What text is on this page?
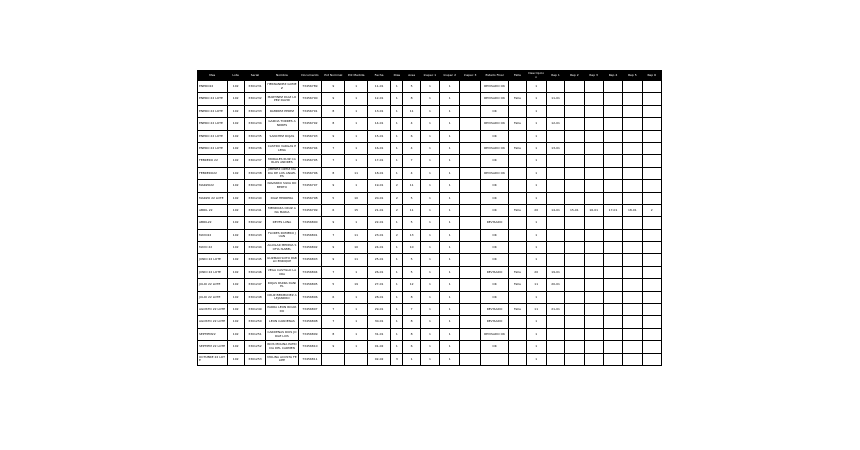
Mes	Lote	Serial	Nombre	Documento	Pot Nominal	Pot Medida	Fecha	Dias	Area	Inspec 1	Inspec 2	Inspec 3	Estado Final	Falla	Descripcion	Rep 1	Rep 2	Rep 3	Rep 4	Rep 5	Rep 6
ENERO22	102	3301231	HERNANDEZ GOMEZ	73456789	9	1	11-01	1	5	1	1		REVISADO OK		1						
ENERO 22 LOTE	102	3301232	MARTINEZ DIAZ LOPEZ DAVID	73456790	9	1	12-01	1	8	1	1		REVISADO OK	Falla	1	11-01					
ENERO 22 LOTE	102	3301233	RAMIREZ PEREZ	73456791	8	1	13-01	1	11	1	1		OK		1						
ENERO 22 LOTE	102	3301234	GARCIA TORRES ANDRES	73456792	8	1	14-01	1	4	1	1		REVISADO OK	Falla	1	12-01					
ENERO 22 LOTE	102	3301235	SANCHEZ ROJAS	73456793	9	1	15-01	1	6	1	1		OK		1						
ENERO 22 LOTE	102	3301236	CASTRO VARGAS ELENA	73456794	7	1	16-01	1	4	1	1		REVISADO OK	Falla	1	13-01					
FEBRERO 22	102	3301237	MORALES RUIZ CARLOS ANDRES	73456795	7	1	17-01	1	7	1	1		OK		1						
FEBRERO22	102	3301238	JIMENEZ ORTIZ MARIA DE LOS ANGELES	73456796	8	11	18-01	1	4	1	1		REVISADO OK		1						
MARZO22	102	3301239	NAVARRO SILVA ROBERTO	73456797	9	1	19-01	2	11	1	1		OK		1						
MARZO 22 LOTE	102	3301240	DIAZ HERRERA	73456798	5	10	20-01	2	5	1	1		OK		1						
ABRIL 22	102	3301241	MENDOZA CRUZ ANA MARIA	73456799	6	15	21-01	2	11	1	1		OK	Falla	20	14-01	15-01	16-01	17-01	18-01	2
ABRIL22	102	3301242	REYES LUNA	73456800	9	1	22-01	1	5	1	1		REVISADO		1						
MAYO22	102	3301243	FLORES ROMERO JUAN	73456801	7	11	23-01	2	13	1	1		OK		1						
MAYO 22	102	3301244	AGUILAR MEDINA SOFIA ISABEL	73456802	9	10	24-01	1	10	1	1		OK		1						
JUNIO 22 LOTE	102	3301245	GUZMAN SOTO PABLO ENRIQUE	73456803	9	11	25-01	1	5	1	1		OK		1						
JUNIO 22 LOTE	102	3301246	VEGA CASTILLO LAURA	73456804	7	1	26-01	1	5	1	1		REVISADO	Falla	20	19-01					
JULIO 22 LOTE	102	3301247	ROJAS PARRA DANIEL	73456805	5	19	27-01	1	12	1	1		OK	Falla	11	20-01					
JULIO 22 LOTE	102	3301248	CRUZ BERMUDEZ ALEJANDRO	73456806	6	1	28-01	1	8	1	1		OK		1						
AGOSTO 22 LOTE	102	3301249	PARRA LEON RICARDO	73456807	7	1	29-01	1	7	1	1		REVISADO	Falla	11	21-01					
AGOSTO 22 LOTE	102	3301250	LEON CARDENAS	73456808	7	1	30-01	1	8	1	1		REVISADO		1						
SEPTIEM22	102	3301251	CARDENAS RIOS JORGE LUIS	73456809	8	1	31-01	1	8	1	1		REVISADO OK		1						
SEPTIEM 22 LOTE	102	3301252	RIOS MOLINA PATRICIA DEL CARMEN	73456810	9	1	01-02	1	6	1	1		OK		1						
OCTUBRE 22 LOTE	102	3301253	MOLINA ACOSTA FELIPE	73456811			02-02	3	1	1	1				1						
